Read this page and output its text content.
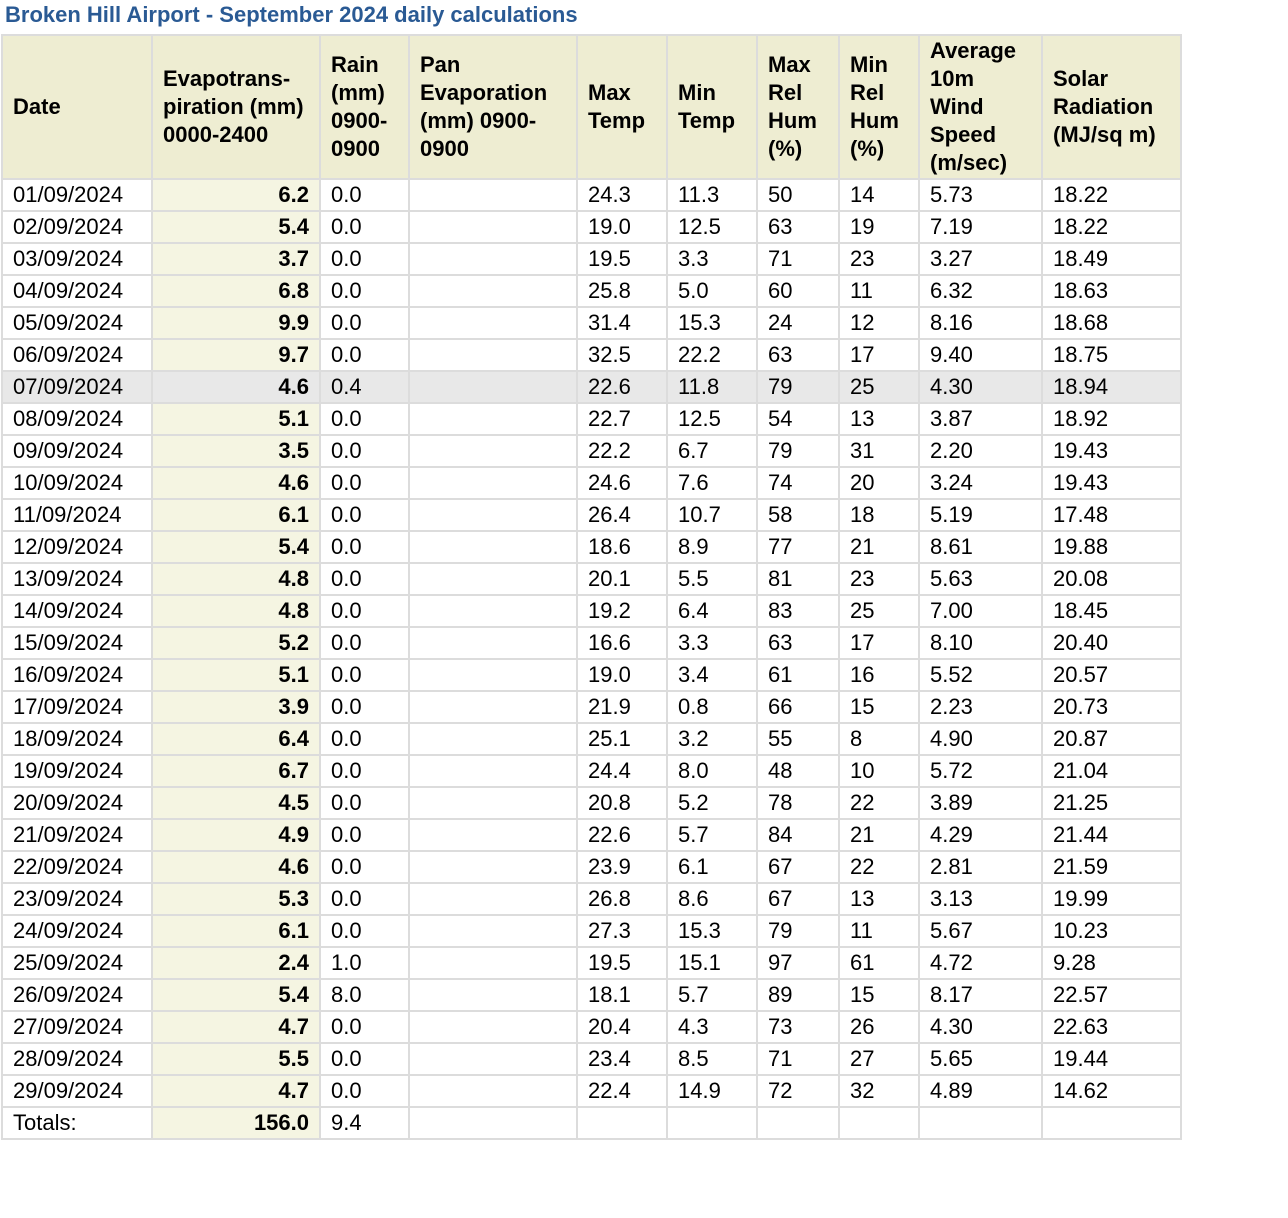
Broken Hill Airport - September 2024 daily calculations
Date	Evapotrans-piration (mm) 0000-2400	Rain (mm) 0900-0900	Pan Evaporation (mm) 0900-0900	Max Temp	Min Temp	Max Rel Hum (%)	Min Rel Hum (%)	Average 10m Wind Speed (m/sec)	Solar Radiation (MJ/sq m)
01/09/2024	6.2	0.0		24.3	11.3	50	14	5.73	18.22
02/09/2024	5.4	0.0		19.0	12.5	63	19	7.19	18.22
03/09/2024	3.7	0.0		19.5	3.3	71	23	3.27	18.49
04/09/2024	6.8	0.0		25.8	5.0	60	11	6.32	18.63
05/09/2024	9.9	0.0		31.4	15.3	24	12	8.16	18.68
06/09/2024	9.7	0.0		32.5	22.2	63	17	9.40	18.75
07/09/2024	4.6	0.4		22.6	11.8	79	25	4.30	18.94
08/09/2024	5.1	0.0		22.7	12.5	54	13	3.87	18.92
09/09/2024	3.5	0.0		22.2	6.7	79	31	2.20	19.43
10/09/2024	4.6	0.0		24.6	7.6	74	20	3.24	19.43
11/09/2024	6.1	0.0		26.4	10.7	58	18	5.19	17.48
12/09/2024	5.4	0.0		18.6	8.9	77	21	8.61	19.88
13/09/2024	4.8	0.0		20.1	5.5	81	23	5.63	20.08
14/09/2024	4.8	0.0		19.2	6.4	83	25	7.00	18.45
15/09/2024	5.2	0.0		16.6	3.3	63	17	8.10	20.40
16/09/2024	5.1	0.0		19.0	3.4	61	16	5.52	20.57
17/09/2024	3.9	0.0		21.9	0.8	66	15	2.23	20.73
18/09/2024	6.4	0.0		25.1	3.2	55	8	4.90	20.87
19/09/2024	6.7	0.0		24.4	8.0	48	10	5.72	21.04
20/09/2024	4.5	0.0		20.8	5.2	78	22	3.89	21.25
21/09/2024	4.9	0.0		22.6	5.7	84	21	4.29	21.44
22/09/2024	4.6	0.0		23.9	6.1	67	22	2.81	21.59
23/09/2024	5.3	0.0		26.8	8.6	67	13	3.13	19.99
24/09/2024	6.1	0.0		27.3	15.3	79	11	5.67	10.23
25/09/2024	2.4	1.0		19.5	15.1	97	61	4.72	9.28
26/09/2024	5.4	8.0		18.1	5.7	89	15	8.17	22.57
27/09/2024	4.7	0.0		20.4	4.3	73	26	4.30	22.63
28/09/2024	5.5	0.0		23.4	8.5	71	27	5.65	19.44
29/09/2024	4.7	0.0		22.4	14.9	72	32	4.89	14.62
Totals:	156.0	9.4							
